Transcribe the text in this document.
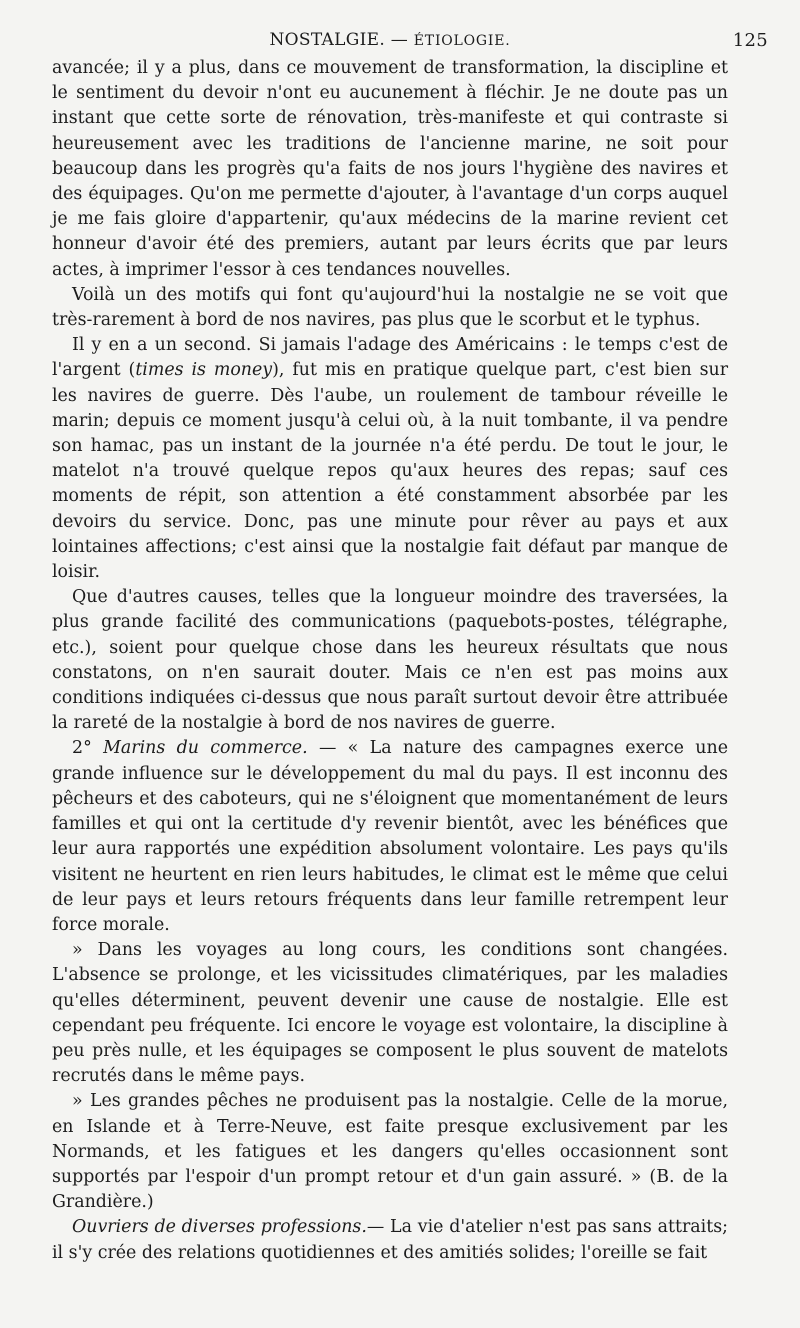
NOSTALGIE. — ÉTIOLOGIE.	125

avancée; il y a plus, dans ce mouvement de transformation, la discipline et le sentiment du devoir n'ont eu aucunement à fléchir. Je ne doute pas un instant que cette sorte de rénovation, très-manifeste et qui contraste si heureusement avec les traditions de l'ancienne marine, ne soit pour beaucoup dans les progrès qu'a faits de nos jours l'hygiène des navires et des équipages. Qu'on me permette d'ajouter, à l'avantage d'un corps auquel je me fais gloire d'appartenir, qu'aux médecins de la marine revient cet honneur d'avoir été des premiers, autant par leurs écrits que par leurs actes, à imprimer l'essor à ces tendances nouvelles.

Voilà un des motifs qui font qu'aujourd'hui la nostalgie ne se voit que très-rarement à bord de nos navires, pas plus que le scorbut et le typhus.

Il y en a un second. Si jamais l'adage des Américains : le temps c'est de l'argent (times is money), fut mis en pratique quelque part, c'est bien sur les navires de guerre. Dès l'aube, un roulement de tambour réveille le marin; depuis ce moment jusqu'à celui où, à la nuit tombante, il va pendre son hamac, pas un instant de la journée n'a été perdu. De tout le jour, le matelot n'a trouvé quelque repos qu'aux heures des repas; sauf ces moments de répit, son attention a été constamment absorbée par les devoirs du service. Donc, pas une minute pour rêver au pays et aux lointaines affections; c'est ainsi que la nostalgie fait défaut par manque de loisir.

Que d'autres causes, telles que la longueur moindre des traversées, la plus grande facilité des communications (paquebots-postes, télégraphe, etc.), soient pour quelque chose dans les heureux résultats que nous constatons, on n'en saurait douter. Mais ce n'en est pas moins aux conditions indiquées ci-dessus que nous paraît surtout devoir être attribuée la rareté de la nostalgie à bord de nos navires de guerre.

2° Marins du commerce. — « La nature des campagnes exerce une grande influence sur le développement du mal du pays. Il est inconnu des pêcheurs et des caboteurs, qui ne s'éloignent que momentanément de leurs familles et qui ont la certitude d'y revenir bientôt, avec les bénéfices que leur aura rapportés une expédition absolument volontaire. Les pays qu'ils visitent ne heurtent en rien leurs habitudes, le climat est le même que celui de leur pays et leurs retours fréquents dans leur famille retrempent leur force morale.

» Dans les voyages au long cours, les conditions sont changées. L'absence se prolonge, et les vicissitudes climatériques, par les maladies qu'elles déterminent, peuvent devenir une cause de nostalgie. Elle est cependant peu fréquente. Ici encore le voyage est volontaire, la discipline à peu près nulle, et les équipages se composent le plus souvent de matelots recrutés dans le même pays.

» Les grandes pêches ne produisent pas la nostalgie. Celle de la morue, en Islande et à Terre-Neuve, est faite presque exclusivement par les Normands, et les fatigues et les dangers qu'elles occasionnent sont supportés par l'espoir d'un prompt retour et d'un gain assuré. » (B. de la Grandière.)

Ouvriers de diverses professions.— La vie d'atelier n'est pas sans attraits; il s'y crée des relations quotidiennes et des amitiés solides; l'oreille se fait
